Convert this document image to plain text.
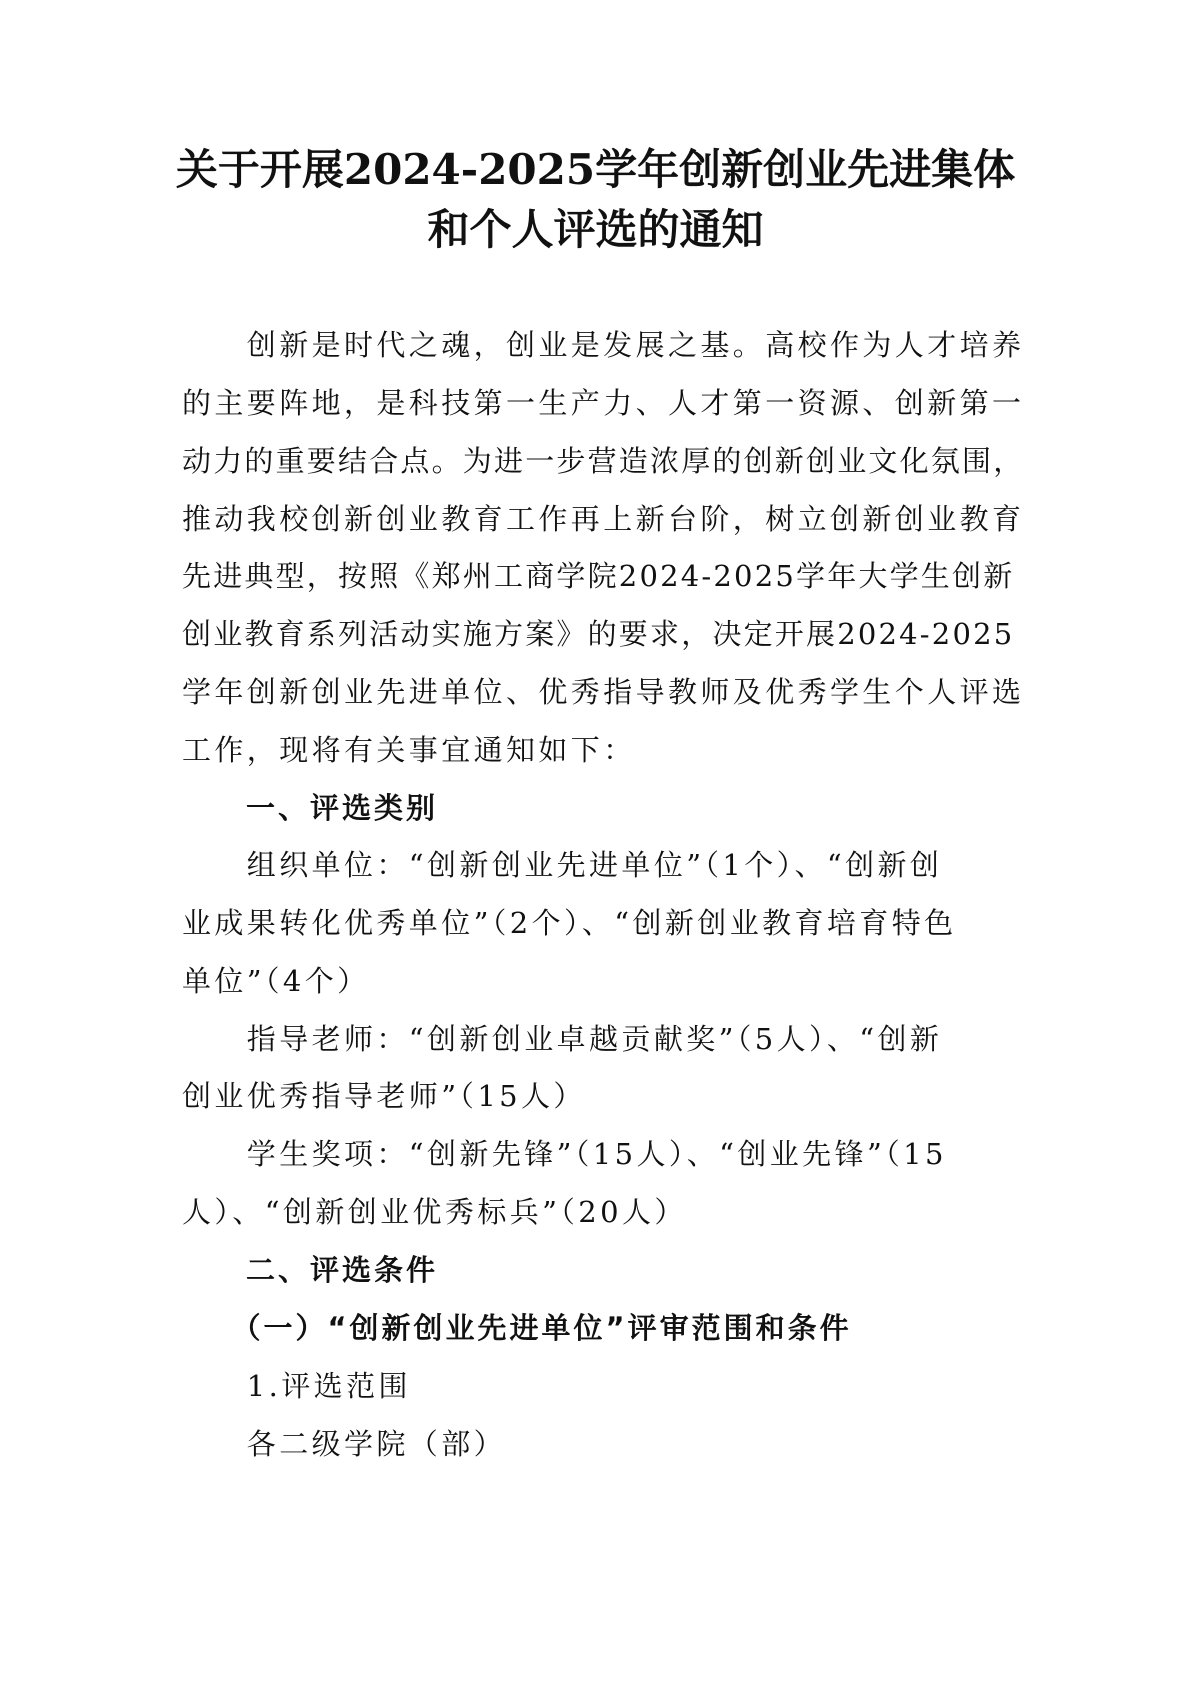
关于开展2024-2025学年创新创业先进集体
和个人评选的通知
　　创新是时代之魂，创业是发展之基。高校作为人才培养
的主要阵地，是科技第一生产力、人才第一资源、创新第一
动力的重要结合点。为进一步营造浓厚的创新创业文化氛围，
推动我校创新创业教育工作再上新台阶，树立创新创业教育
先进典型，按照《郑州工商学院2024-2025学年大学生创新
创业教育系列活动实施方案》的要求，决定开展2024-2025
学年创新创业先进单位、优秀指导教师及优秀学生个人评选
工作，现将有关事宜通知如下：
　　一、评选类别
　　组织单位：“创新创业先进单位”（1个）、“创新创
业成果转化优秀单位”（2个）、“创新创业教育培育特色
单位”（4个）
　　指导老师：“创新创业卓越贡献奖”（5人）、“创新
创业优秀指导老师”（15人）
　　学生奖项：“创新先锋”（15人）、“创业先锋”（15
人）、“创新创业优秀标兵”（20人）
　　二、评选条件
　　（一）“创新创业先进单位”评审范围和条件
　　1.评选范围
　　各二级学院（部）
